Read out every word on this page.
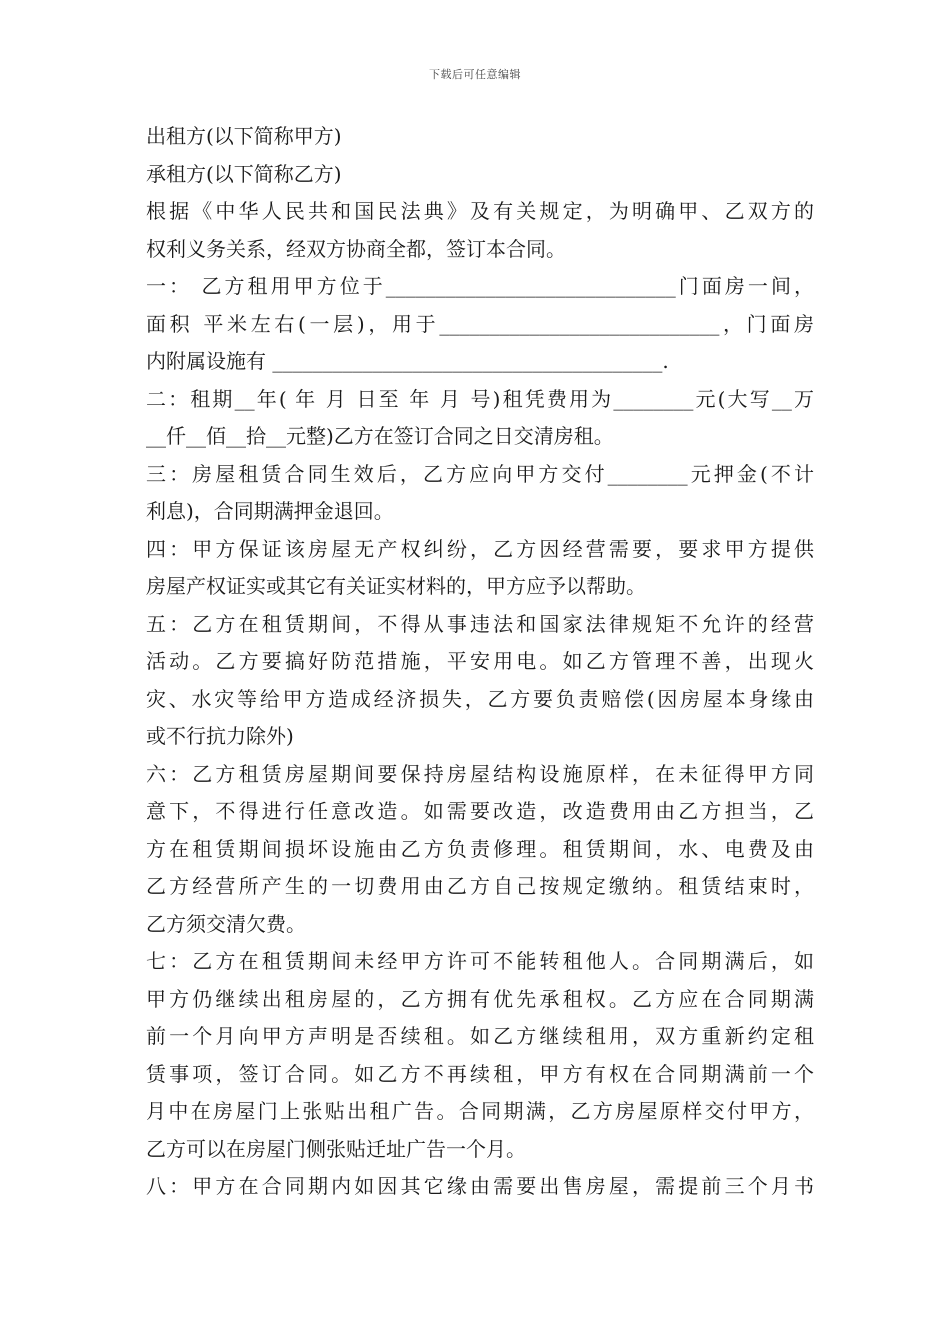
下载后可任意编辑
出租方(以下简称甲方)
承租方(以下简称乙方)
根据《中华人民共和国民法典》及有关规定，为明确甲、乙双方的
权利义务关系，经双方协商全都，签订本合同。
一： 乙方租用甲方位于_____________________________门面房一间，
面积 平米左右(一层)，用于____________________________，门面房
内附属设施有 _______________________________________.
二：租期__年( 年 月 日至 年 月 号)租凭费用为________元(大写__万
__仟__佰__拾__元整)乙方在签订合同之日交清房租。
三：房屋租赁合同生效后，乙方应向甲方交付________元押金(不计
利息)，合同期满押金退回。
四：甲方保证该房屋无产权纠纷，乙方因经营需要，要求甲方提供
房屋产权证实或其它有关证实材料的，甲方应予以帮助。
五：乙方在租赁期间，不得从事违法和国家法律规矩不允许的经营
活动。乙方要搞好防范措施，平安用电。如乙方管理不善，出现火
灾、水灾等给甲方造成经济损失，乙方要负责赔偿(因房屋本身缘由
或不行抗力除外)
六：乙方租赁房屋期间要保持房屋结构设施原样，在未征得甲方同
意下，不得进行任意改造。如需要改造，改造费用由乙方担当，乙
方在租赁期间损坏设施由乙方负责修理。租赁期间，水、电费及由
乙方经营所产生的一切费用由乙方自己按规定缴纳。租赁结束时，
乙方须交清欠费。
七：乙方在租赁期间未经甲方许可不能转租他人。合同期满后，如
甲方仍继续出租房屋的，乙方拥有优先承租权。乙方应在合同期满
前一个月向甲方声明是否续租。如乙方继续租用，双方重新约定租
赁事项，签订合同。如乙方不再续租，甲方有权在合同期满前一个
月中在房屋门上张贴出租广告。合同期满，乙方房屋原样交付甲方，
乙方可以在房屋门侧张贴迁址广告一个月。
八：甲方在合同期内如因其它缘由需要出售房屋，需提前三个月书
